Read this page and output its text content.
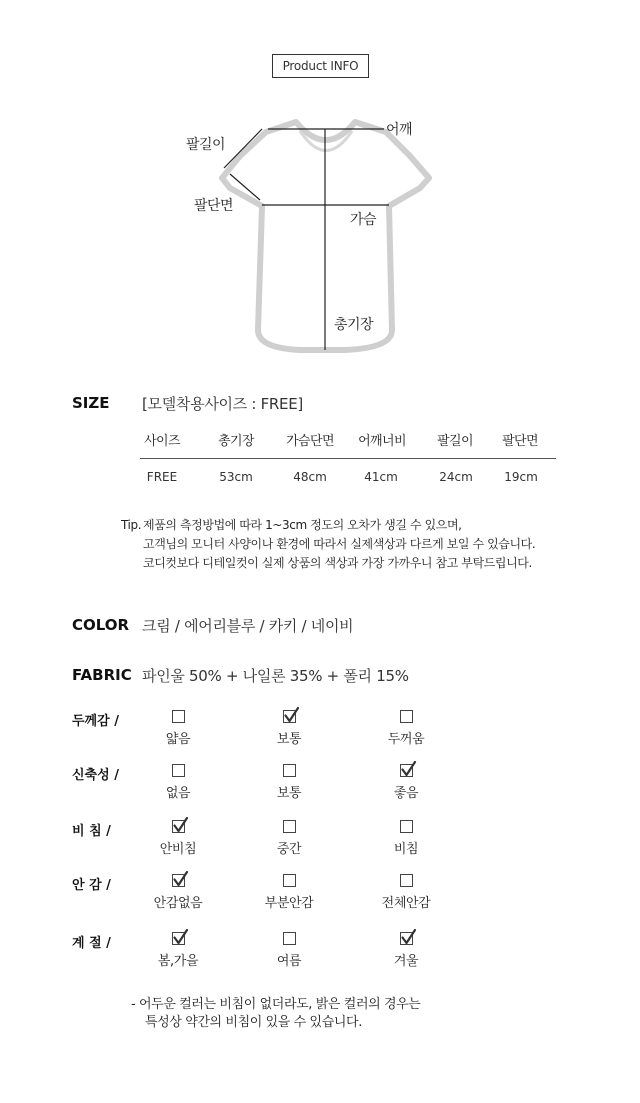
Product INFO
팔길이
어깨
팔단면
가슴
총기장
SIZE [모델착용사이즈 : FREE]
사이즈	총기장	가슴단면	어깨너비	팔길이	팔단면
FREE	53cm	48cm	41cm	24cm	19cm
Tip. 제품의 측정방법에 따라 1~3cm 정도의 오차가 생길 수 있으며,
고객님의 모니터 사양이나 환경에 따라서 실제색상과 다르게 보일 수 있습니다.
코디컷보다 디테일컷이 실제 상품의 색상과 가장 가까우니 참고 부탁드립니다.
COLOR 크림 / 에어리블루 / 카키 / 네이비
FABRIC 파인울 50% + 나일론 35% + 폴리 15%
두께감 /
얇음	보통	두꺼움
신축성 /
없음	보통	좋음
비 침 /
안비침	중간	비침
안 감 /
안감없음	부분안감	전체안감
계 절 /
봄,가을	여름	겨울
- 어두운 컬러는 비침이 없더라도, 밝은 컬러의 경우는
특성상 약간의 비침이 있을 수 있습니다.
